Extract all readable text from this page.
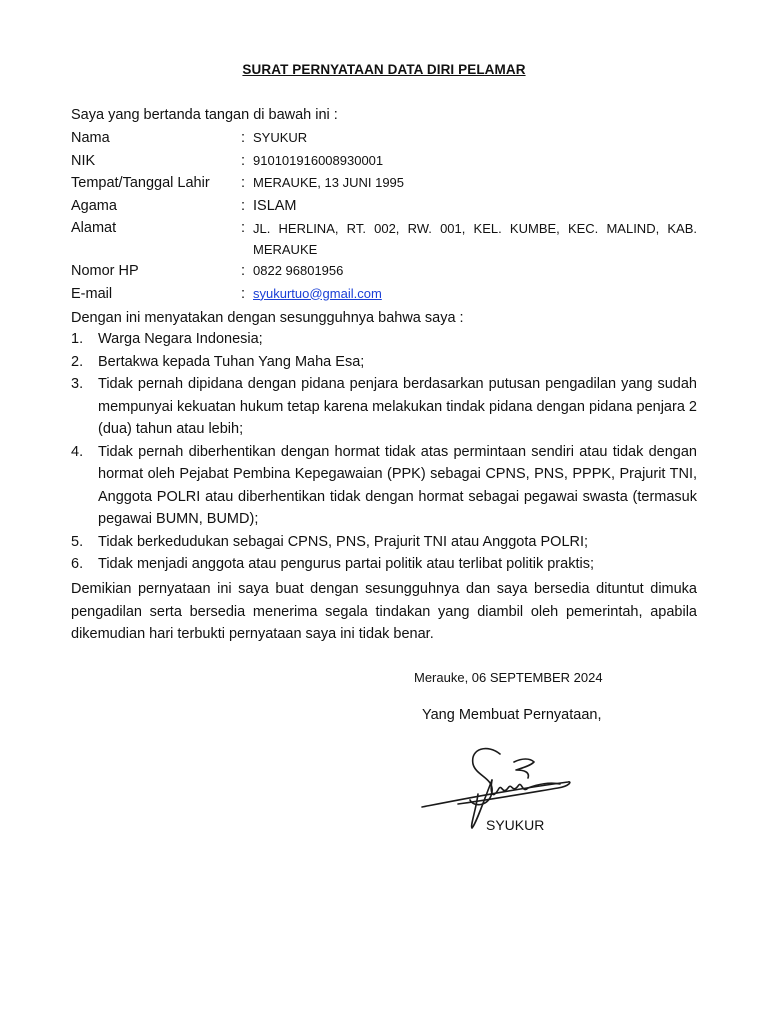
SURAT PERNYATAAN DATA DIRI PELAMAR
Saya yang bertanda tangan di bawah ini :
Nama	: SYUKUR
NIK	: 910101916008930001
Tempat/Tanggal Lahir	: MERAUKE, 13 JUNI 1995
Agama	: ISLAM
Alamat	: JL. HERLINA, RT. 002, RW. 001, KEL. KUMBE, KEC. MALIND, KAB. MERAUKE
Nomor HP	: 0822 96801956
E-mail	: syukurtuo@gmail.com
Dengan ini menyatakan dengan sesungguhnya bahwa saya :
1.	Warga Negara Indonesia;
2.	Bertakwa kepada Tuhan Yang Maha Esa;
3.	Tidak pernah dipidana dengan pidana penjara berdasarkan putusan pengadilan yang sudah mempunyai kekuatan hukum tetap karena melakukan tindak pidana dengan pidana penjara 2 (dua) tahun atau lebih;
4.	Tidak pernah diberhentikan dengan hormat tidak atas permintaan sendiri atau tidak dengan hormat oleh Pejabat Pembina Kepegawaian (PPK) sebagai CPNS, PNS, PPPK, Prajurit TNI, Anggota POLRI atau diberhentikan tidak dengan hormat sebagai pegawai swasta (termasuk pegawai BUMN, BUMD);
5.	Tidak berkedudukan sebagai CPNS, PNS, Prajurit TNI atau Anggota POLRI;
6.	Tidak menjadi anggota atau pengurus partai politik atau terlibat politik praktis;
Demikian pernyataan ini saya buat dengan sesungguhnya dan saya bersedia dituntut dimuka pengadilan serta bersedia menerima segala tindakan yang diambil oleh pemerintah, apabila dikemudian hari terbukti pernyataan saya ini tidak benar.
Merauke, 06 SEPTEMBER 2024
Yang Membuat Pernyataan,
SYUKUR
